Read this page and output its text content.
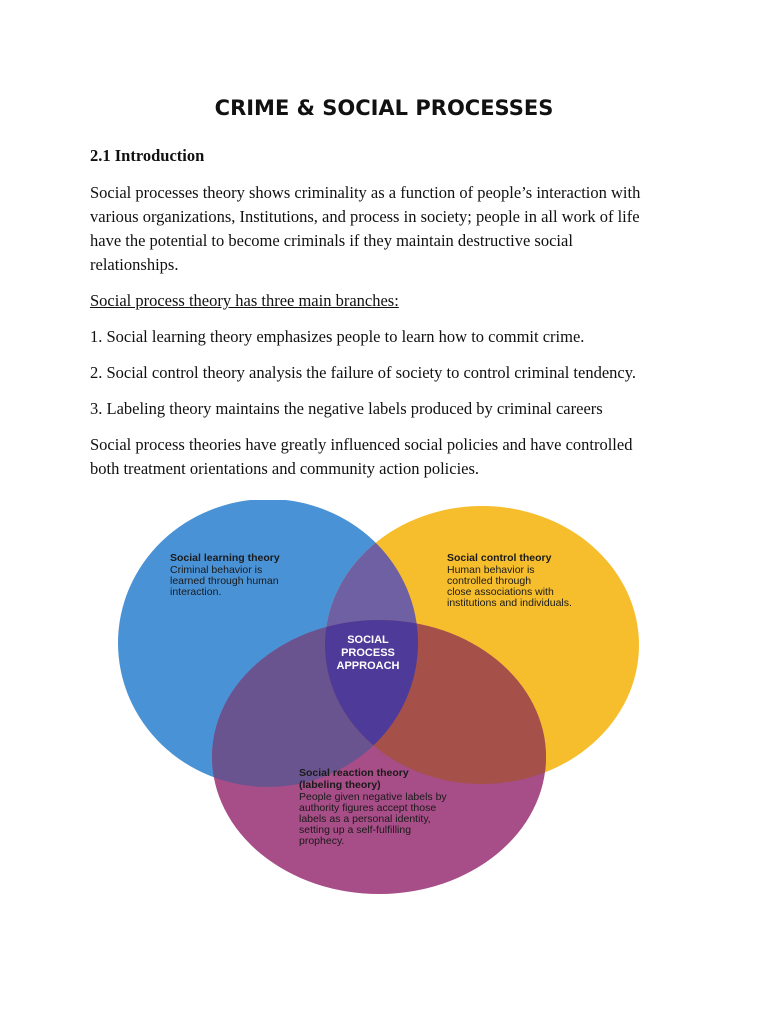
CRIME & SOCIAL PROCESSES
2.1 Introduction
Social processes theory shows criminality as a function of people’s interaction with
various organizations, Institutions, and process in society; people in all work of life
have the potential to become criminals if they maintain destructive social
relationships.
Social process theory has three main branches:
1. Social learning theory emphasizes people to learn how to commit crime.
2. Social control theory analysis the failure of society to control criminal tendency.
3. Labeling theory maintains the negative labels produced by criminal careers
Social process theories have greatly influenced social policies and have controlled
both treatment orientations and community action policies.
SOCIAL
PROCESS
APPROACH
Social learning theory
Criminal behavior is
learned through human
interaction.
Social control theory
Human behavior is
controlled through
close associations with
institutions and individuals.
Social reaction theory
(labeling theory)
People given negative labels by
authority figures accept those
labels as a personal identity,
setting up a self-fulfilling
prophecy.
